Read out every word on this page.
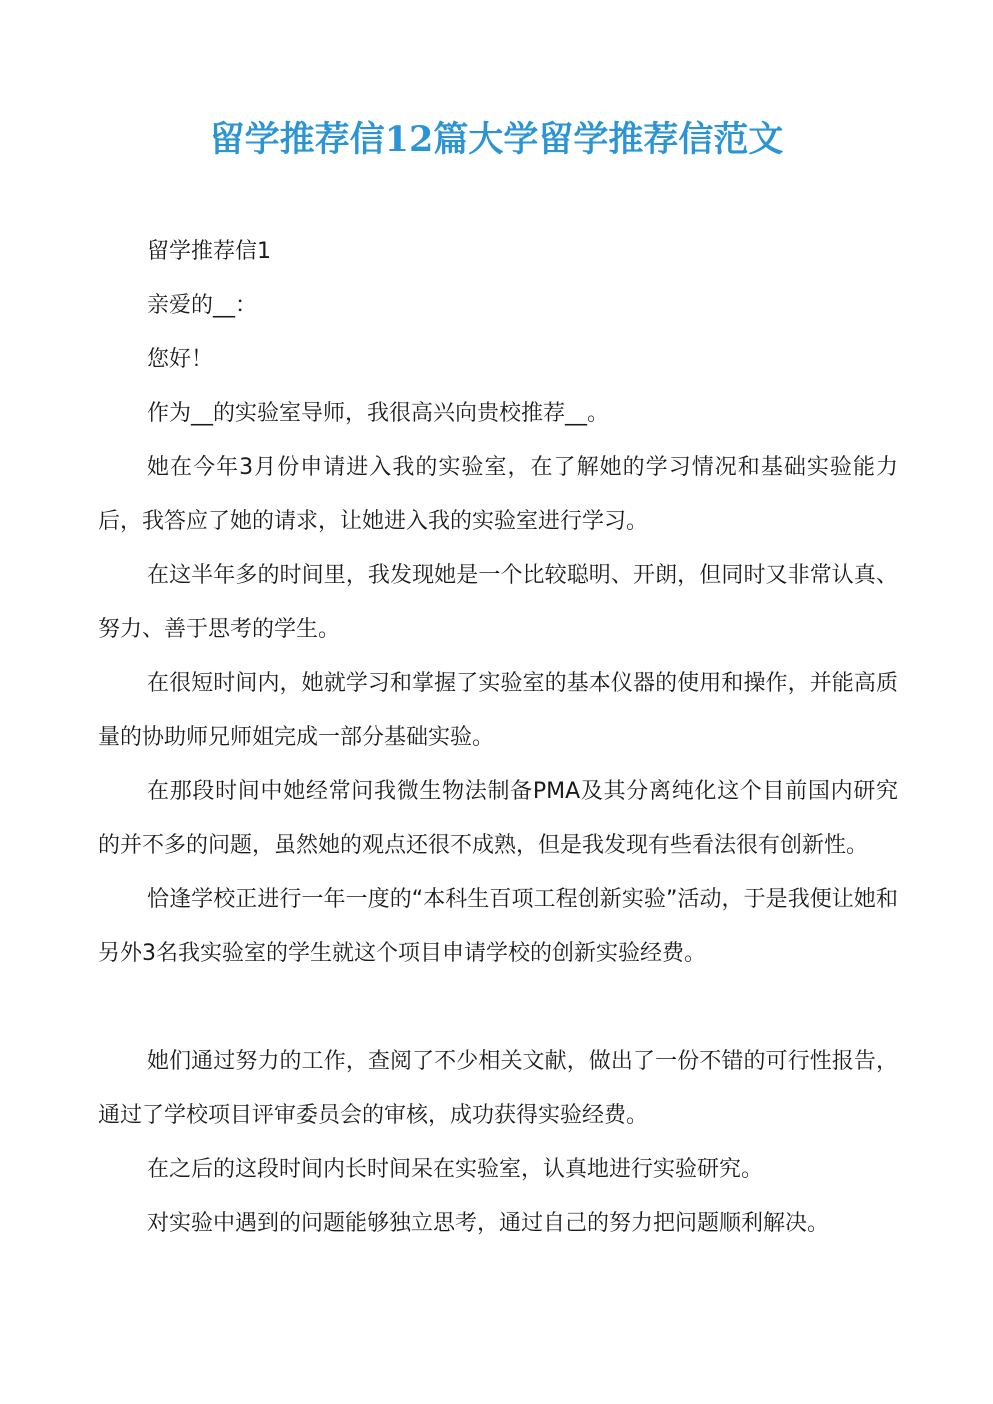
留学推荐信12篇大学留学推荐信范文

留学推荐信1

亲爱的__：

您好！

作为__的实验室导师，我很高兴向贵校推荐__。

她在今年3月份申请进入我的实验室，在了解她的学习情况和基础实验能力后，我答应了她的请求，让她进入我的实验室进行学习。

在这半年多的时间里，我发现她是一个比较聪明、开朗，但同时又非常认真、努力、善于思考的学生。

在很短时间内，她就学习和掌握了实验室的基本仪器的使用和操作，并能高质量的协助师兄师姐完成一部分基础实验。

在那段时间中她经常问我微生物法制备PMA及其分离纯化这个目前国内研究的并不多的问题，虽然她的观点还很不成熟，但是我发现有些看法很有创新性。

恰逢学校正进行一年一度的“本科生百项工程创新实验”活动，于是我便让她和另外3名我实验室的学生就这个项目申请学校的创新实验经费。

她们通过努力的工作，查阅了不少相关文献，做出了一份不错的可行性报告，通过了学校项目评审委员会的审核，成功获得实验经费。

在之后的这段时间内长时间呆在实验室，认真地进行实验研究。

对实验中遇到的问题能够独立思考，通过自己的努力把问题顺利解决。
